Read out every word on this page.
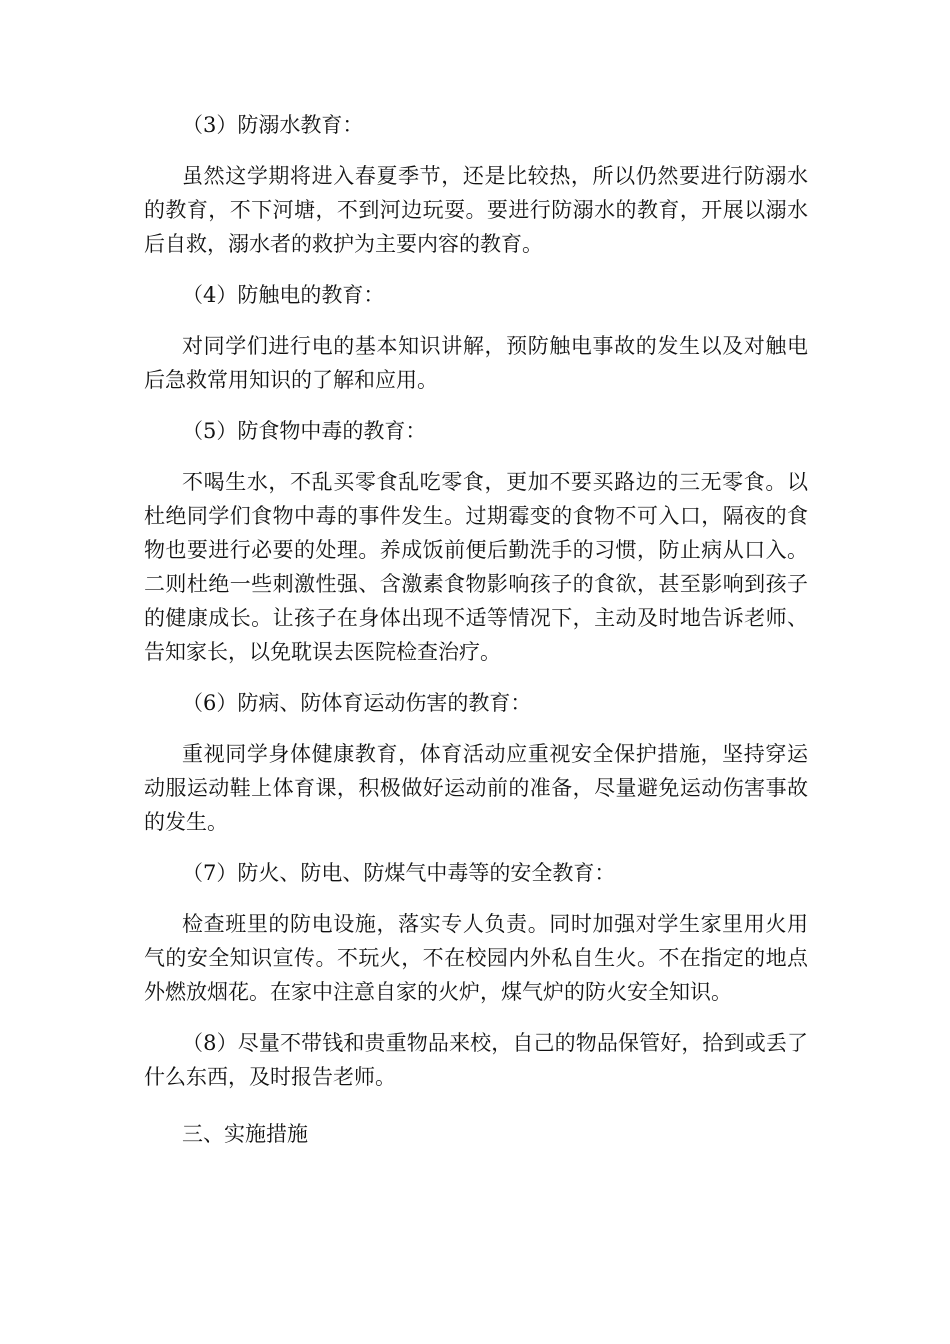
（3）防溺水教育：

虽然这学期将进入春夏季节，还是比较热，所以仍然要进行防溺水的教育，不下河塘，不到河边玩耍。要进行防溺水的教育，开展以溺水后自救，溺水者的救护为主要内容的教育。

（4）防触电的教育：

对同学们进行电的基本知识讲解，预防触电事故的发生以及对触电后急救常用知识的了解和应用。

（5）防食物中毒的教育：

不喝生水，不乱买零食乱吃零食，更加不要买路边的三无零食。以杜绝同学们食物中毒的事件发生。过期霉变的食物不可入口，隔夜的食物也要进行必要的处理。养成饭前便后勤洗手的习惯，防止病从口入。二则杜绝一些刺激性强、含激素食物影响孩子的食欲，甚至影响到孩子的健康成长。让孩子在身体出现不适等情况下，主动及时地告诉老师、告知家长，以免耽误去医院检查治疗。

（6）防病、防体育运动伤害的教育：

重视同学身体健康教育，体育活动应重视安全保护措施，坚持穿运动服运动鞋上体育课，积极做好运动前的准备，尽量避免运动伤害事故的发生。

（7）防火、防电、防煤气中毒等的安全教育：

检查班里的防电设施，落实专人负责。同时加强对学生家里用火用气的安全知识宣传。不玩火，不在校园内外私自生火。不在指定的地点外燃放烟花。在家中注意自家的火炉，煤气炉的防火安全知识。

（8）尽量不带钱和贵重物品来校，自己的物品保管好，拾到或丢了什么东西，及时报告老师。

三、实施措施
